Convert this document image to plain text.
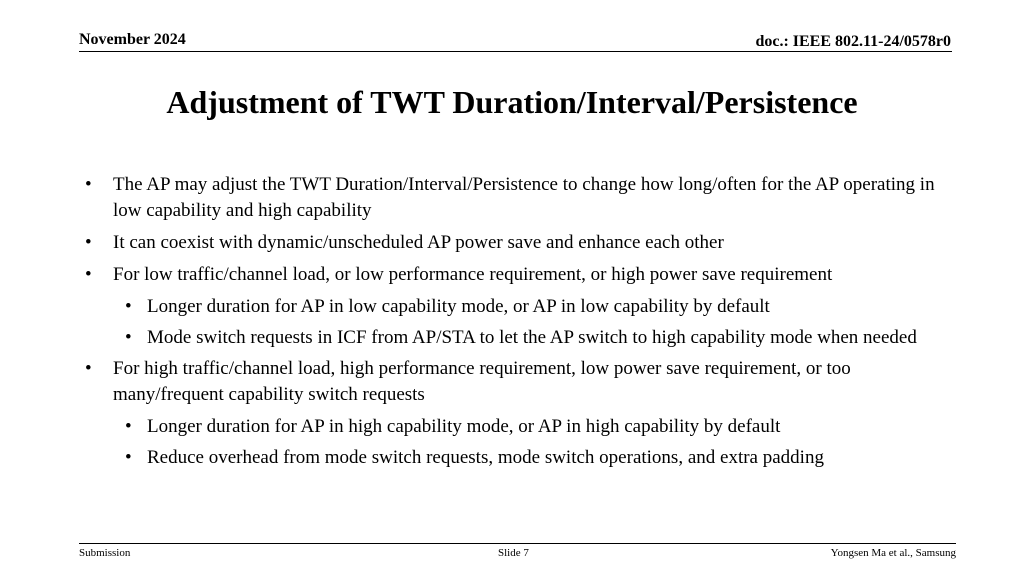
November 2024	doc.: IEEE 802.11-24/0578r0
Adjustment of TWT Duration/Interval/Persistence
• The AP may adjust the TWT Duration/Interval/Persistence to change how long/often for the AP operating in low capability and high capability
• It can coexist with dynamic/unscheduled AP power save and enhance each other
• For low traffic/channel load, or low performance requirement, or high power save requirement
• Longer duration for AP in low capability mode, or AP in low capability by default
• Mode switch requests in ICF from AP/STA to let the AP switch to high capability mode when needed
• For high traffic/channel load, high performance requirement, low power save requirement, or too many/frequent capability switch requests
• Longer duration for AP in high capability mode, or AP in high capability by default
• Reduce overhead from mode switch requests, mode switch operations, and extra padding
Submission	Slide 7	Yongsen Ma et al., Samsung
